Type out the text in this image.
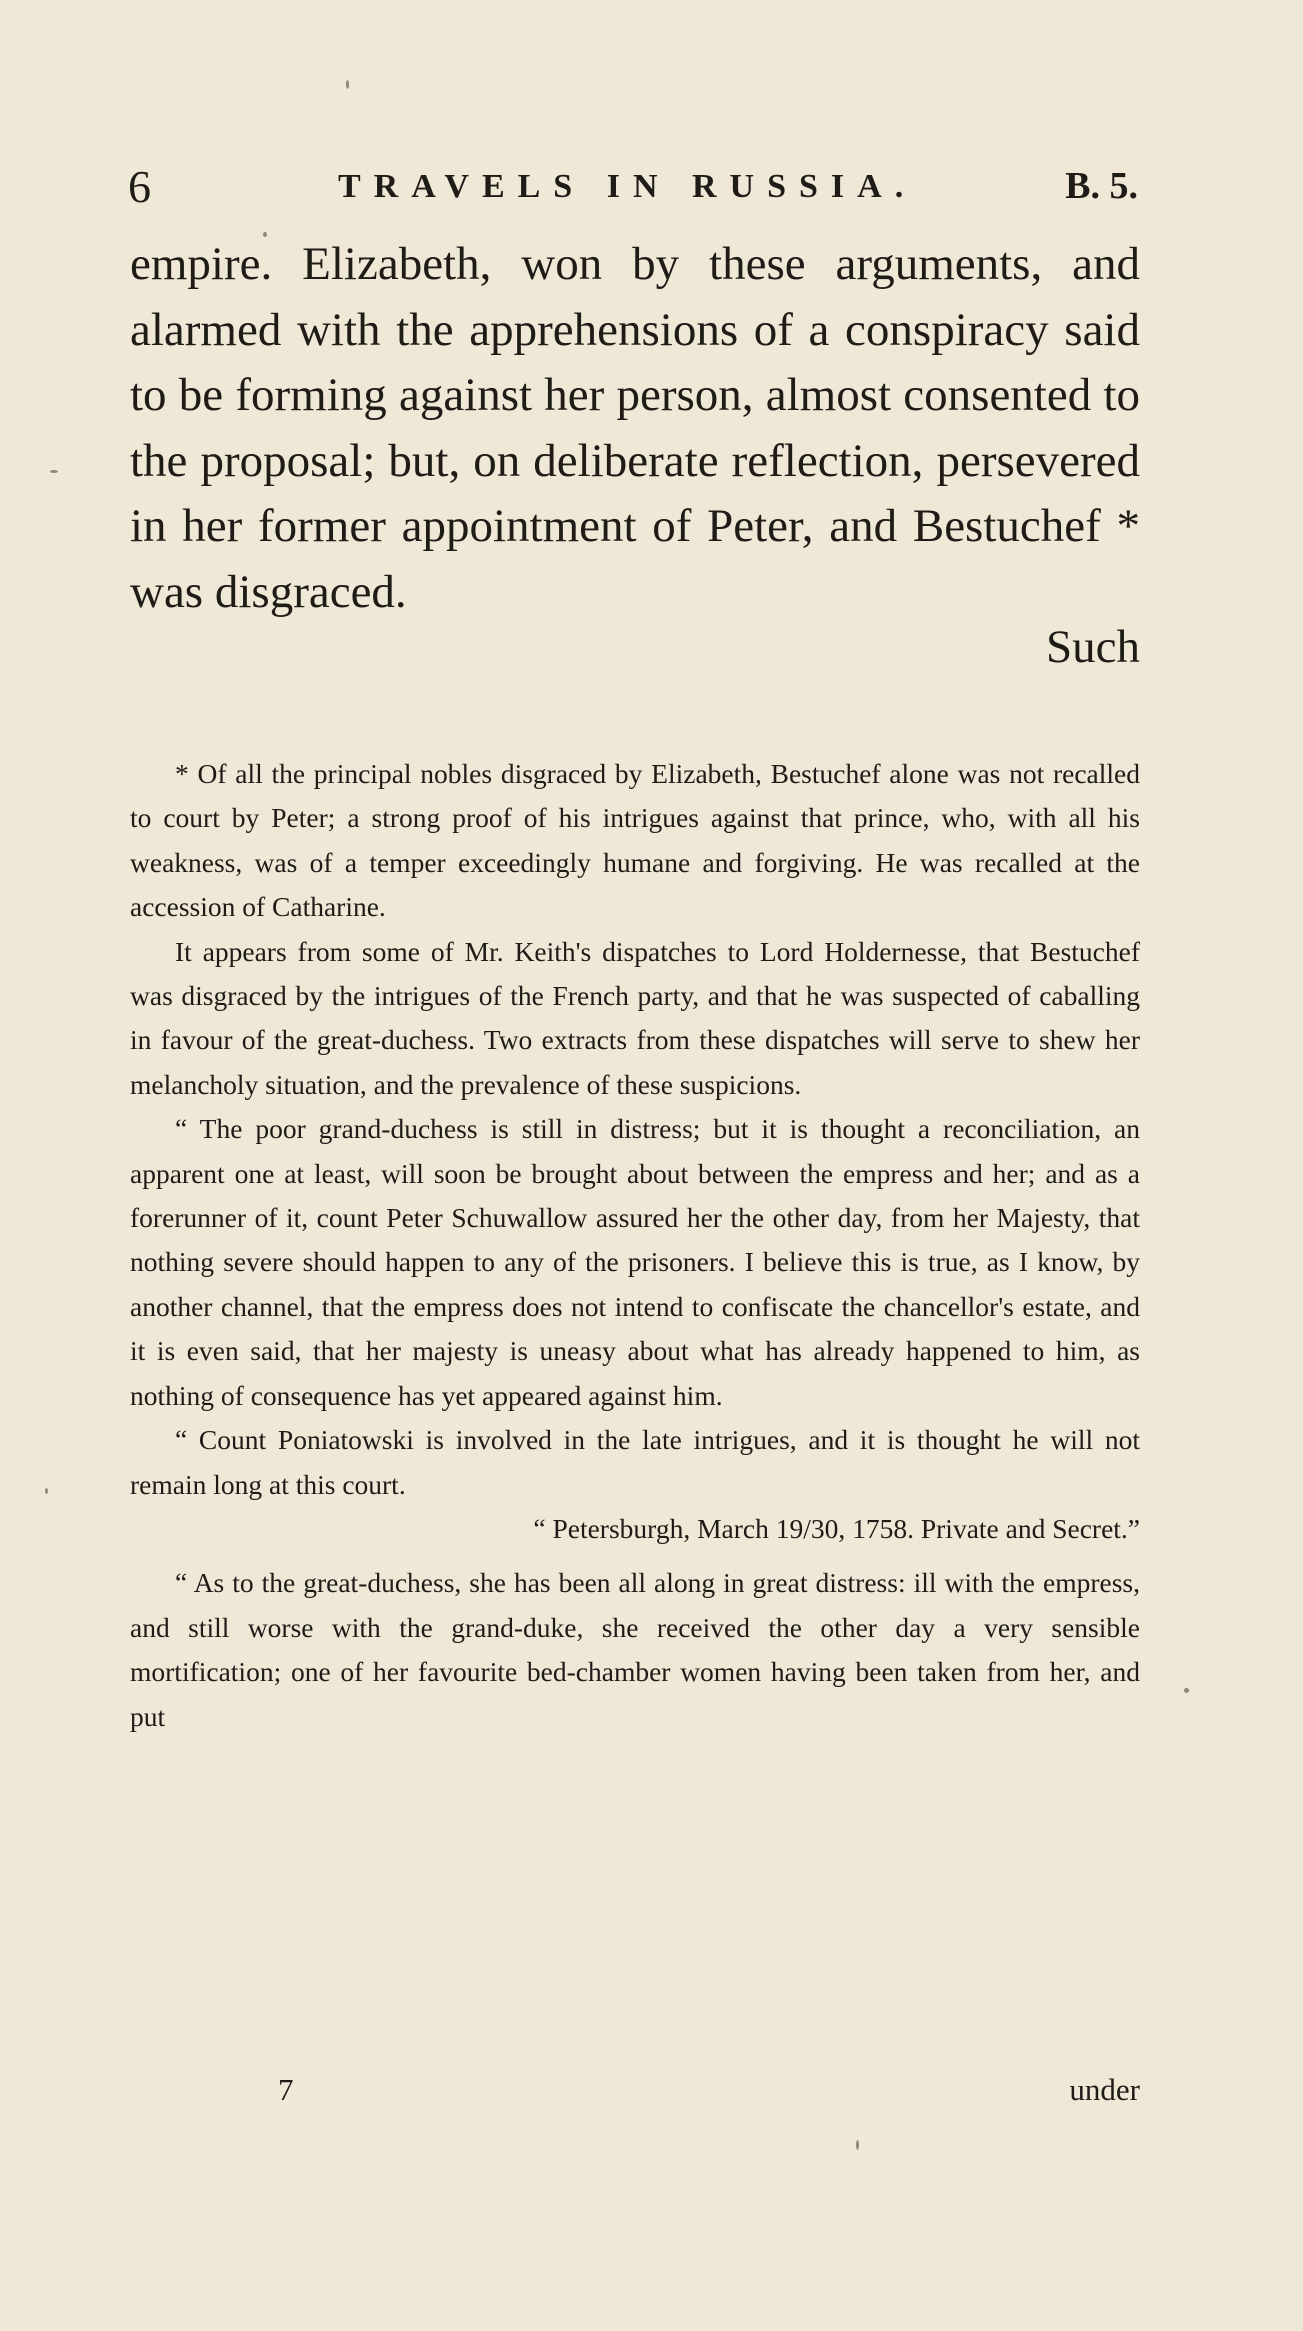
6	TRAVELS IN RUSSIA.	B. 5.

empire. Elizabeth, won by these arguments, and alarmed with the apprehensions of a conspiracy said to be forming against her person, almost consented to the proposal; but, on deliberate reflection, persevered in her former appointment of Peter, and Bestuchef * was disgraced.

Such

* Of all the principal nobles disgraced by Elizabeth, Bestuchef alone was not recalled to court by Peter; a strong proof of his intrigues against that prince, who, with all his weakness, was of a temper exceedingly humane and forgiving. He was recalled at the accession of Catharine.

It appears from some of Mr. Keith's dispatches to Lord Holdernesse, that Bestuchef was disgraced by the intrigues of the French party, and that he was suspected of caballing in favour of the great-duchess. Two extracts from these dispatches will serve to shew her melancholy situation, and the prevalence of these suspicions.

“ The poor grand-duchess is still in distress; but it is thought a reconciliation, an apparent one at least, will soon be brought about between the empress and her; and as a forerunner of it, count Peter Schuwallow assured her the other day, from her Majesty, that nothing severe should happen to any of the prisoners. I believe this is true, as I know, by another channel, that the empress does not intend to confiscate the chancellor's estate, and it is even said, that her majesty is uneasy about what has already happened to him, as nothing of consequence has yet appeared against him.

“ Count Poniatowski is involved in the late intrigues, and it is thought he will not remain long at this court.

“ Petersburgh, March 19/30, 1758. Private and Secret.”

“ As to the great-duchess, she has been all along in great distress: ill with the empress, and still worse with the grand-duke, she received the other day a very sensible mortification; one of her favourite bed-chamber women having been taken from her, and put

7	under
